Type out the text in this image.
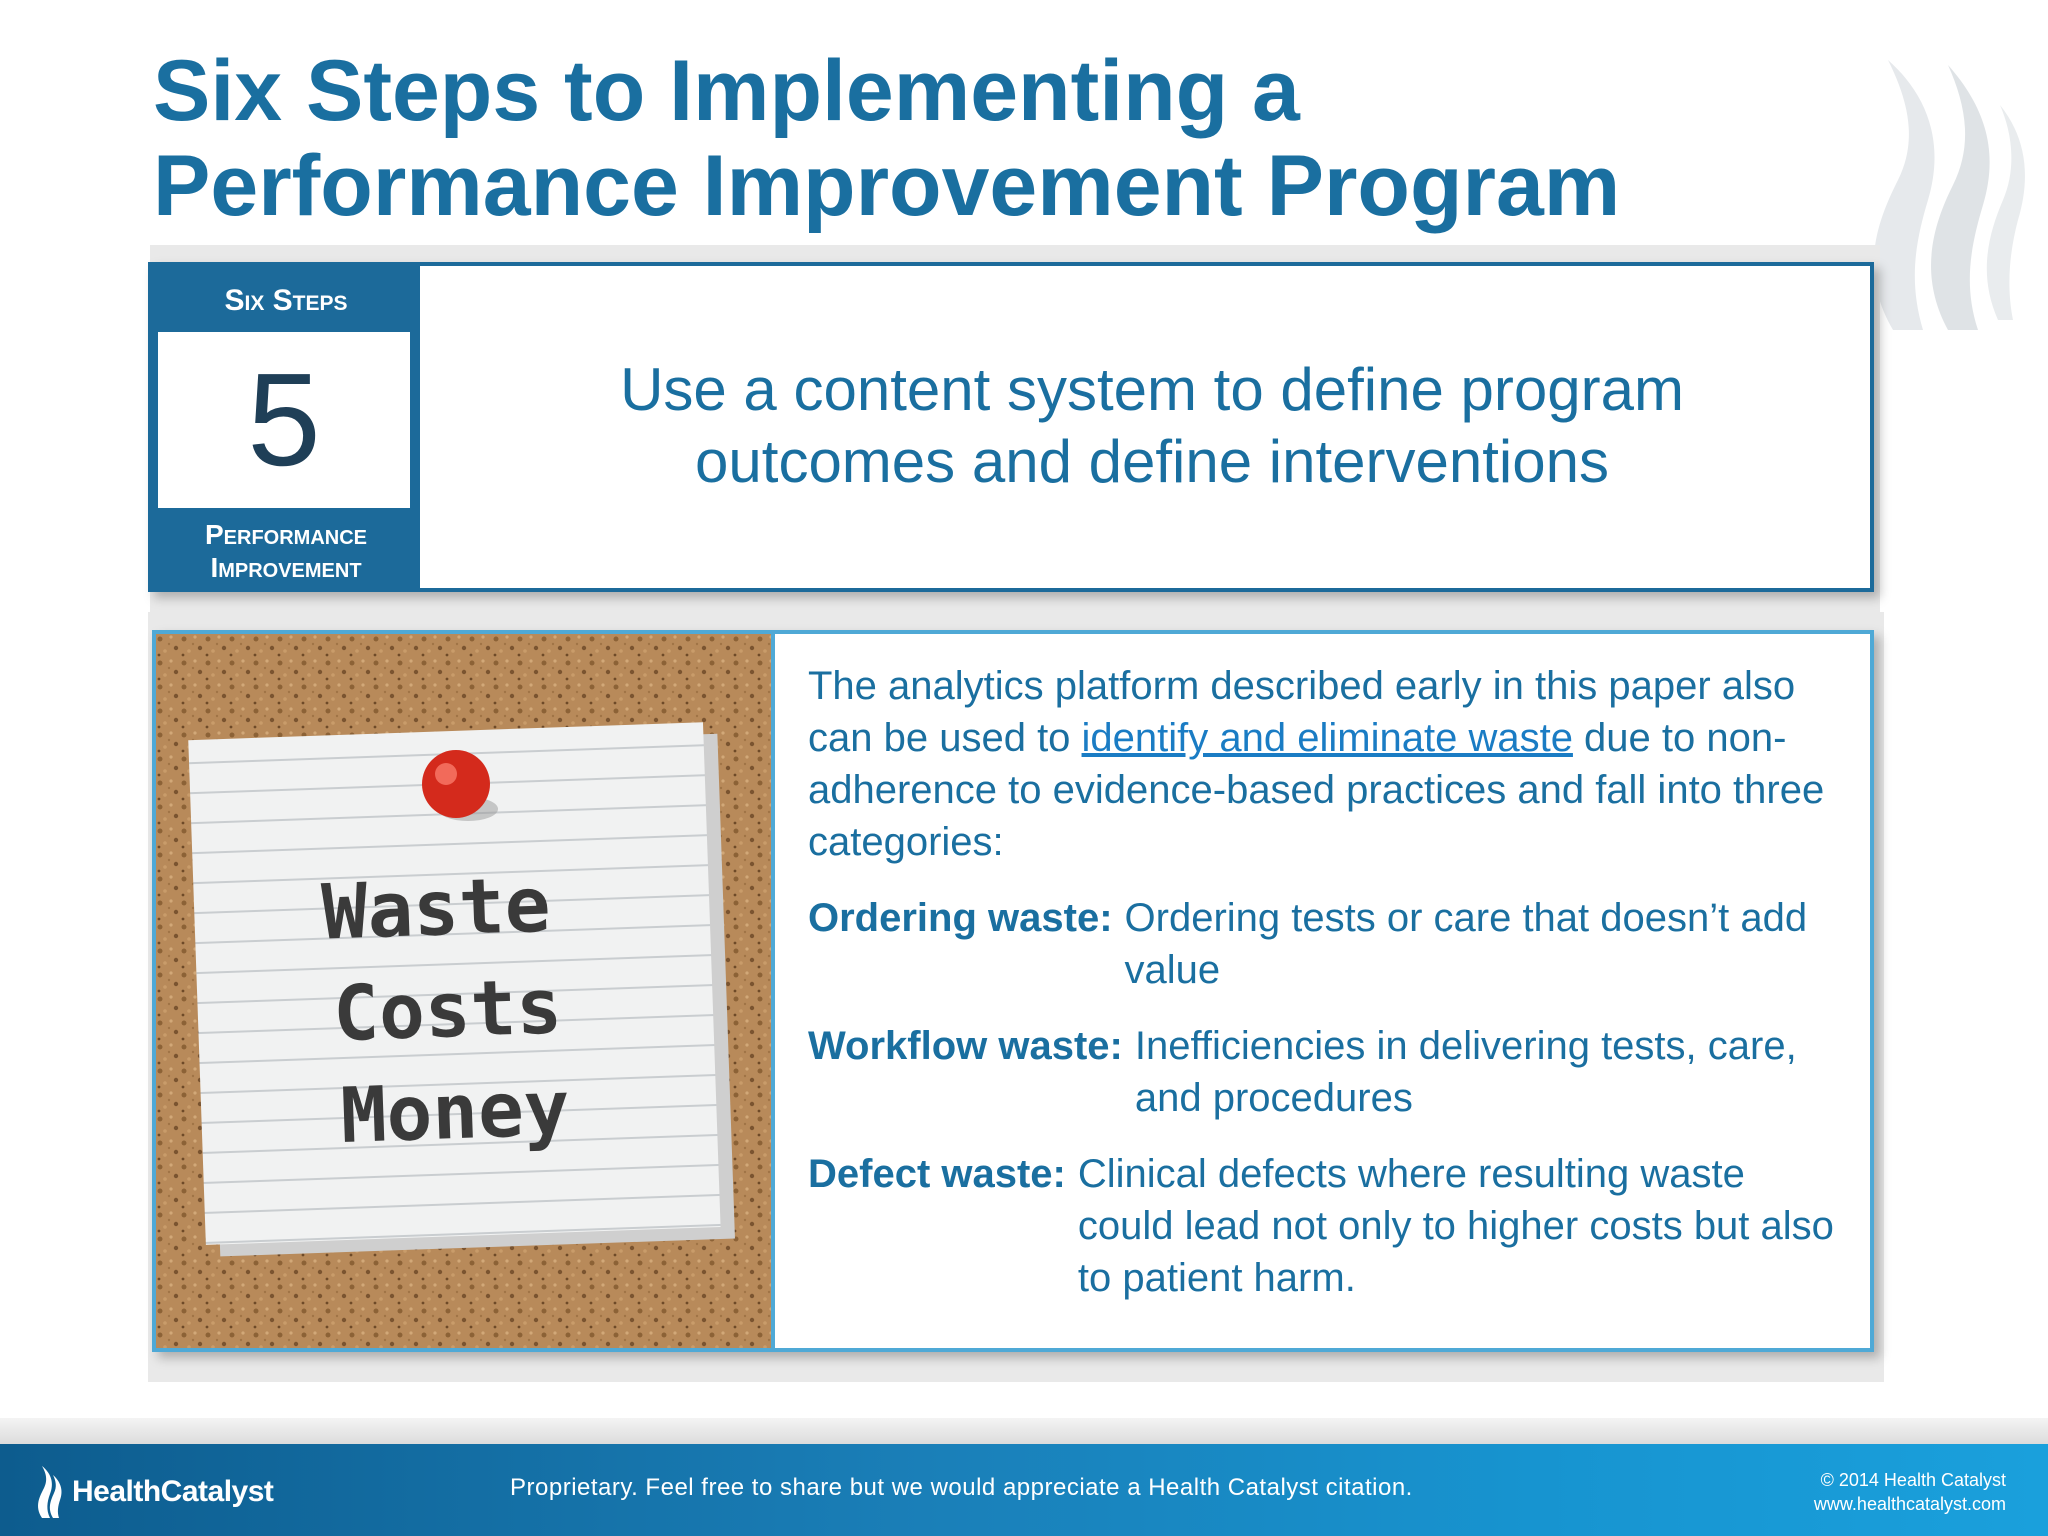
Six Steps to Implementing a
Performance Improvement Program
Six Steps
5
Performance
Improvement
Use a content system to define program
outcomes and define interventions
Waste
Costs
Money

The analytics platform described early in this paper also can be used to identify and eliminate waste due to non-adherence to evidence-based practices and fall into three categories:

Ordering waste: Ordering tests or care that doesn’t add value
Workflow waste: Inefficiencies in delivering tests, care, and procedures
Defect waste: Clinical defects where resulting waste could lead not only to higher costs but also to patient harm.
HealthCatalyst	Proprietary. Feel free to share but we would appreciate a Health Catalyst citation.	© 2014 Health Catalyst
www.healthcatalyst.com
